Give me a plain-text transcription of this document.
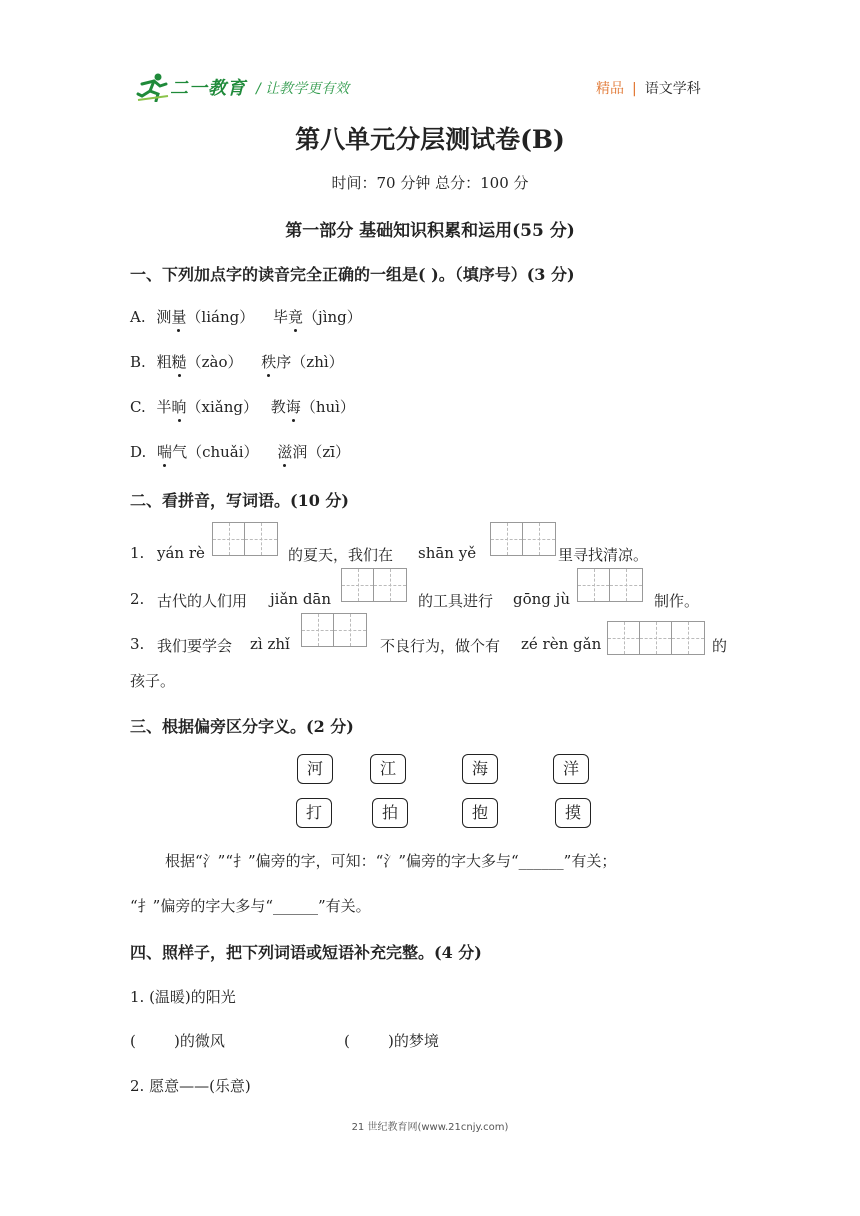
二一教育 / 让教学更有效	精品 | 语文学科
第八单元分层测试卷(B)
时间：70 分钟 总分：100 分
第一部分 基础知识积累和运用(55 分)
一、下列加点字的读音完全正确的一组是( )。（填序号）(3 分)
A. 测量（liáng） 毕竟（jìng）
B. 粗糙（zào） 秩序（zhì）
C. 半晌（xiǎng） 教诲（huì）
D. 喘气（chuǎi） 滋润（zī）
二、看拼音，写词语。(10 分)
1. yán rè	的夏天，我们在 shān yě	里寻找清凉。
2. 古代的人们用 jiǎn dān	的工具进行 gōng jù	制作。
3. 我们要学会 zì zhǐ	不良行为，做个有 zé rèn gǎn	的
孩子。
三、根据偏旁区分字义。(2 分)
河	江	海	洋
打	拍	抱	摸
根据“氵”“扌”偏旁的字，可知：“氵”偏旁的字大多与“______”有关；
“扌”偏旁的字大多与“______”有关。
四、照样子，把下列词语或短语补充完整。(4 分)
1. (温暖)的阳光
(        )的微风	(        )的梦境
2. 愿意——(乐意)
21 世纪教育网(www.21cnjy.com)
